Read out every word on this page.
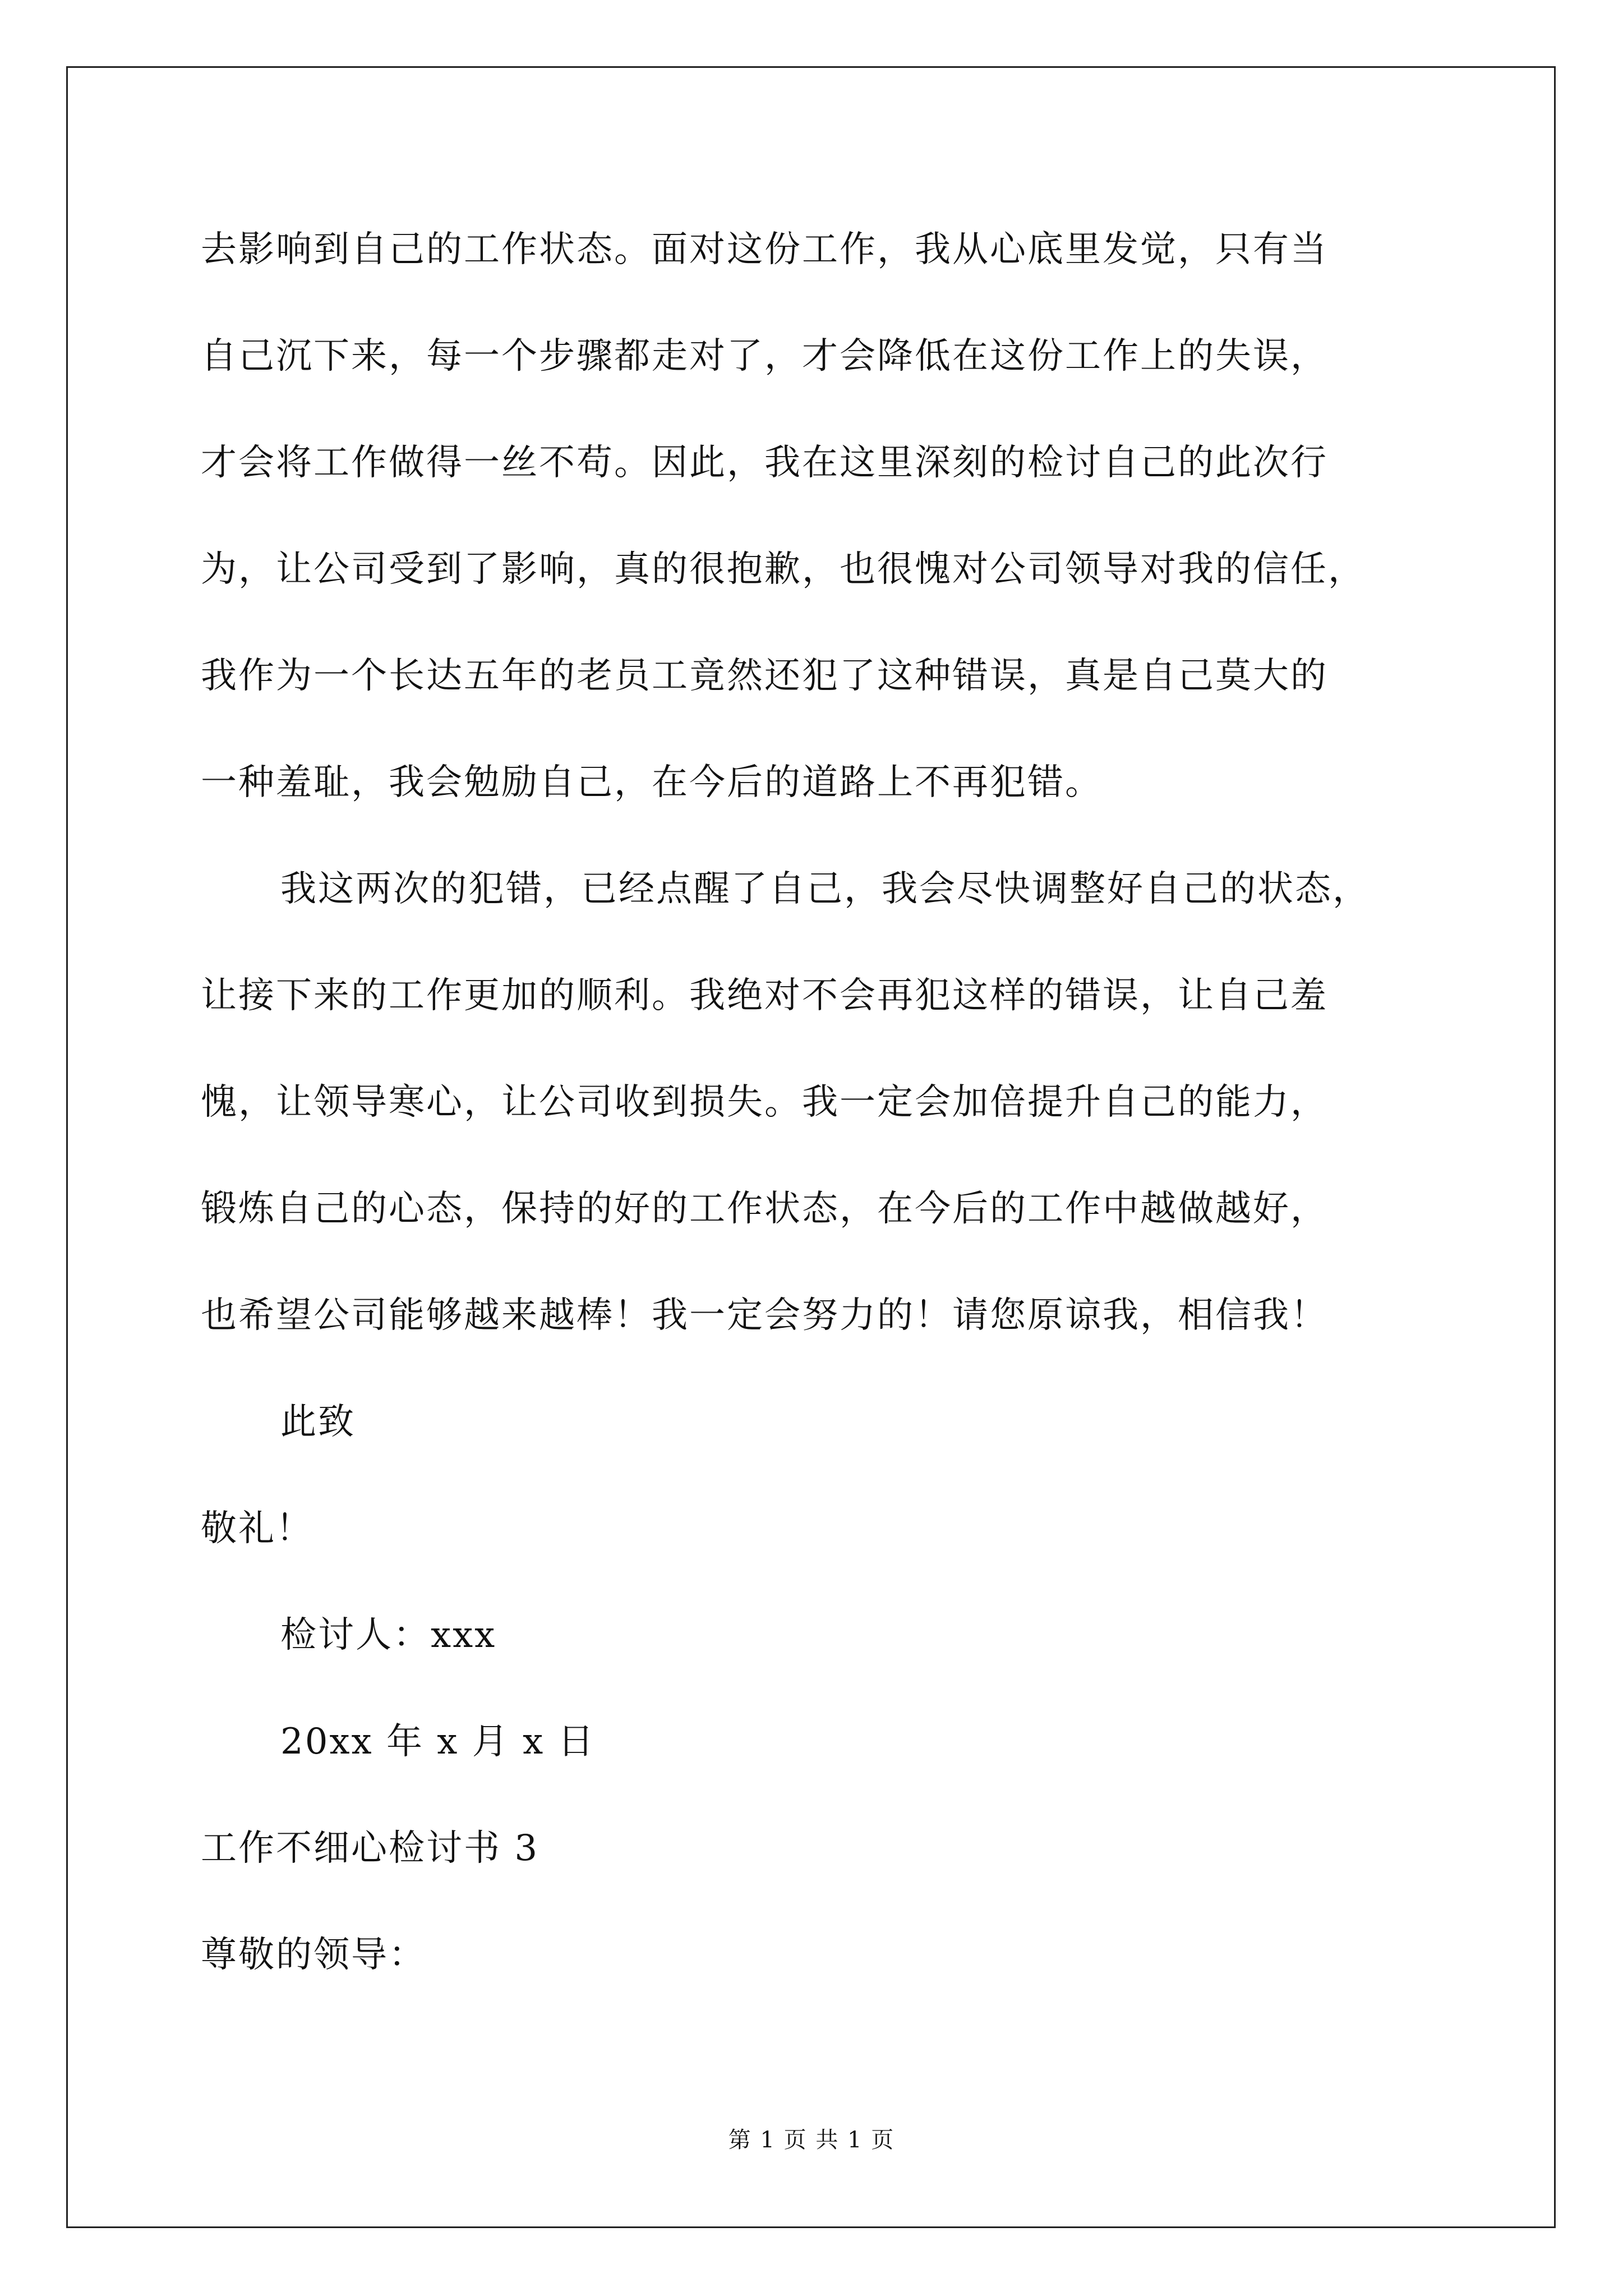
去影响到自己的工作状态。面对这份工作，我从心底里发觉，只有当
自己沉下来，每一个步骤都走对了，才会降低在这份工作上的失误，
才会将工作做得一丝不苟。因此，我在这里深刻的检讨自己的此次行
为，让公司受到了影响，真的很抱歉，也很愧对公司领导对我的信任，
我作为一个长达五年的老员工竟然还犯了这种错误，真是自己莫大的
一种羞耻，我会勉励自己，在今后的道路上不再犯错。
我这两次的犯错，已经点醒了自己，我会尽快调整好自己的状态，
让接下来的工作更加的顺利。我绝对不会再犯这样的错误，让自己羞
愧，让领导寒心，让公司收到损失。我一定会加倍提升自己的能力，
锻炼自己的心态，保持的好的工作状态，在今后的工作中越做越好，
也希望公司能够越来越棒！我一定会努力的！请您原谅我，相信我！
此致
敬礼！
检讨人：xxx
20xx 年 x 月 x 日
工作不细心检讨书 3
尊敬的领导：
第 1 页 共 1 页
